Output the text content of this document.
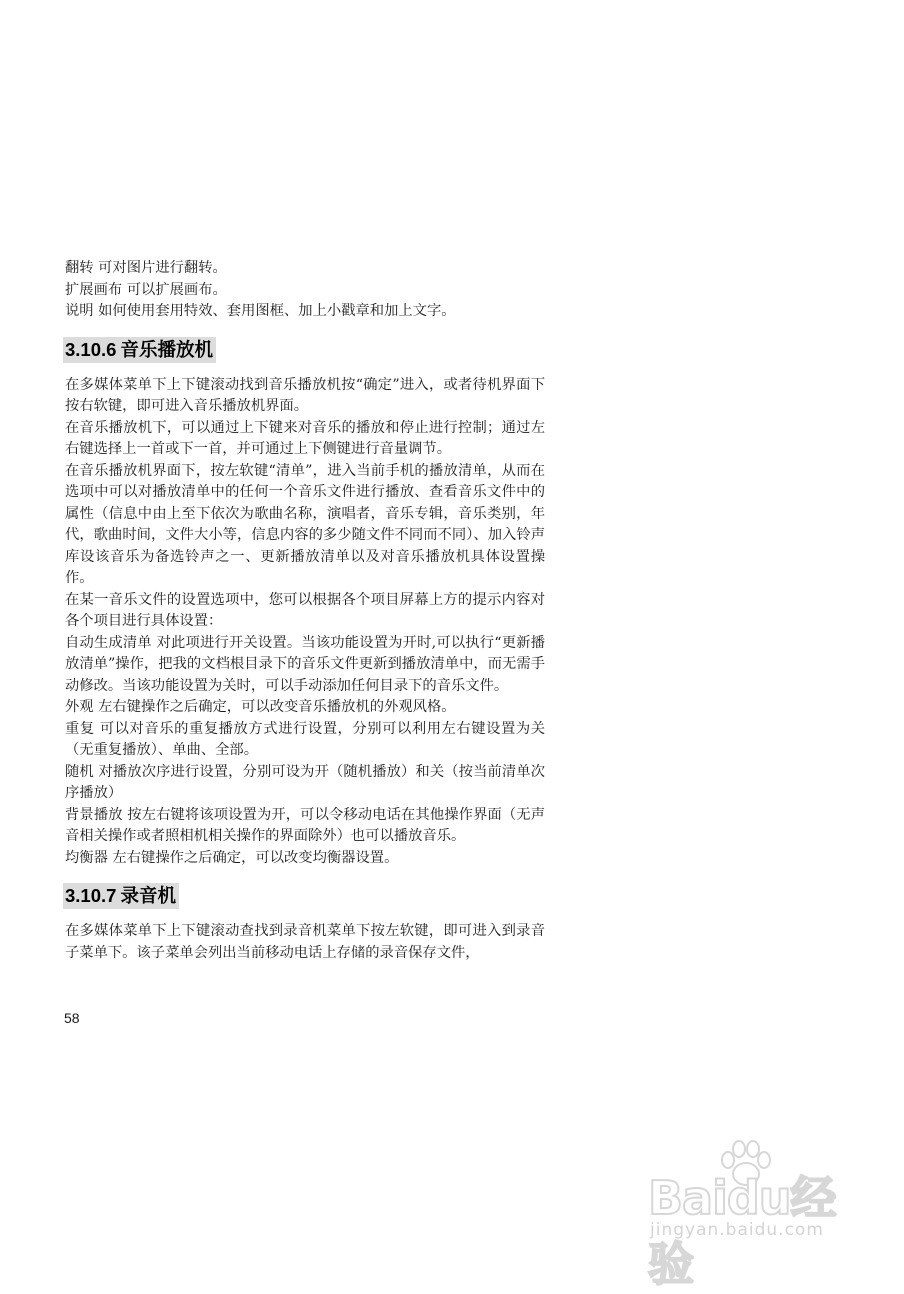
翻转 可对图片进行翻转。

扩展画布 可以扩展画布。

说明 如何使用套用特效、套用图框、加上小戳章和加上文字。

3.10.6 音乐播放机

在多媒体菜单下上下键滚动找到音乐播放机按“确定”进入，或者待机界面下按右软键，即可进入音乐播放机界面。

在音乐播放机下，可以通过上下键来对音乐的播放和停止进行控制；通过左右键选择上一首或下一首，并可通过上下侧键进行音量调节。

在音乐播放机界面下，按左软键“清单”，进入当前手机的播放清单，从而在选项中可以对播放清单中的任何一个音乐文件进行播放、查看音乐文件中的属性（信息中由上至下依次为歌曲名称，演唱者，音乐专辑，音乐类别，年代，歌曲时间，文件大小等，信息内容的多少随文件不同而不同）、加入铃声库设该音乐为备选铃声之一、更新播放清单以及对音乐播放机具体设置操作。

在某一音乐文件的设置选项中，您可以根据各个项目屏幕上方的提示内容对各个项目进行具体设置：

自动生成清单 对此项进行开关设置。当该功能设置为开时,可以执行“更新播放清单”操作，把我的文档根目录下的音乐文件更新到播放清单中，而无需手动修改。当该功能设置为关时，可以手动添加任何目录下的音乐文件。

外观 左右键操作之后确定，可以改变音乐播放机的外观风格。

重复 可以对音乐的重复播放方式进行设置，分别可以利用左右键设置为关（无重复播放）、单曲、全部。

随机 对播放次序进行设置，分别可设为开（随机播放）和关（按当前清单次序播放）

背景播放 按左右键将该项设置为开，可以令移动电话在其他操作界面（无声音相关操作或者照相机相关操作的界面除外）也可以播放音乐。

均衡器 左右键操作之后确定，可以改变均衡器设置。

3.10.7 录音机

在多媒体菜单下上下键滚动查找到录音机菜单下按左软键，即可进入到录音子菜单下。该子菜单会列出当前移动电话上存储的录音保存文件，

58
Baidu经验
jingyan.baidu.com
